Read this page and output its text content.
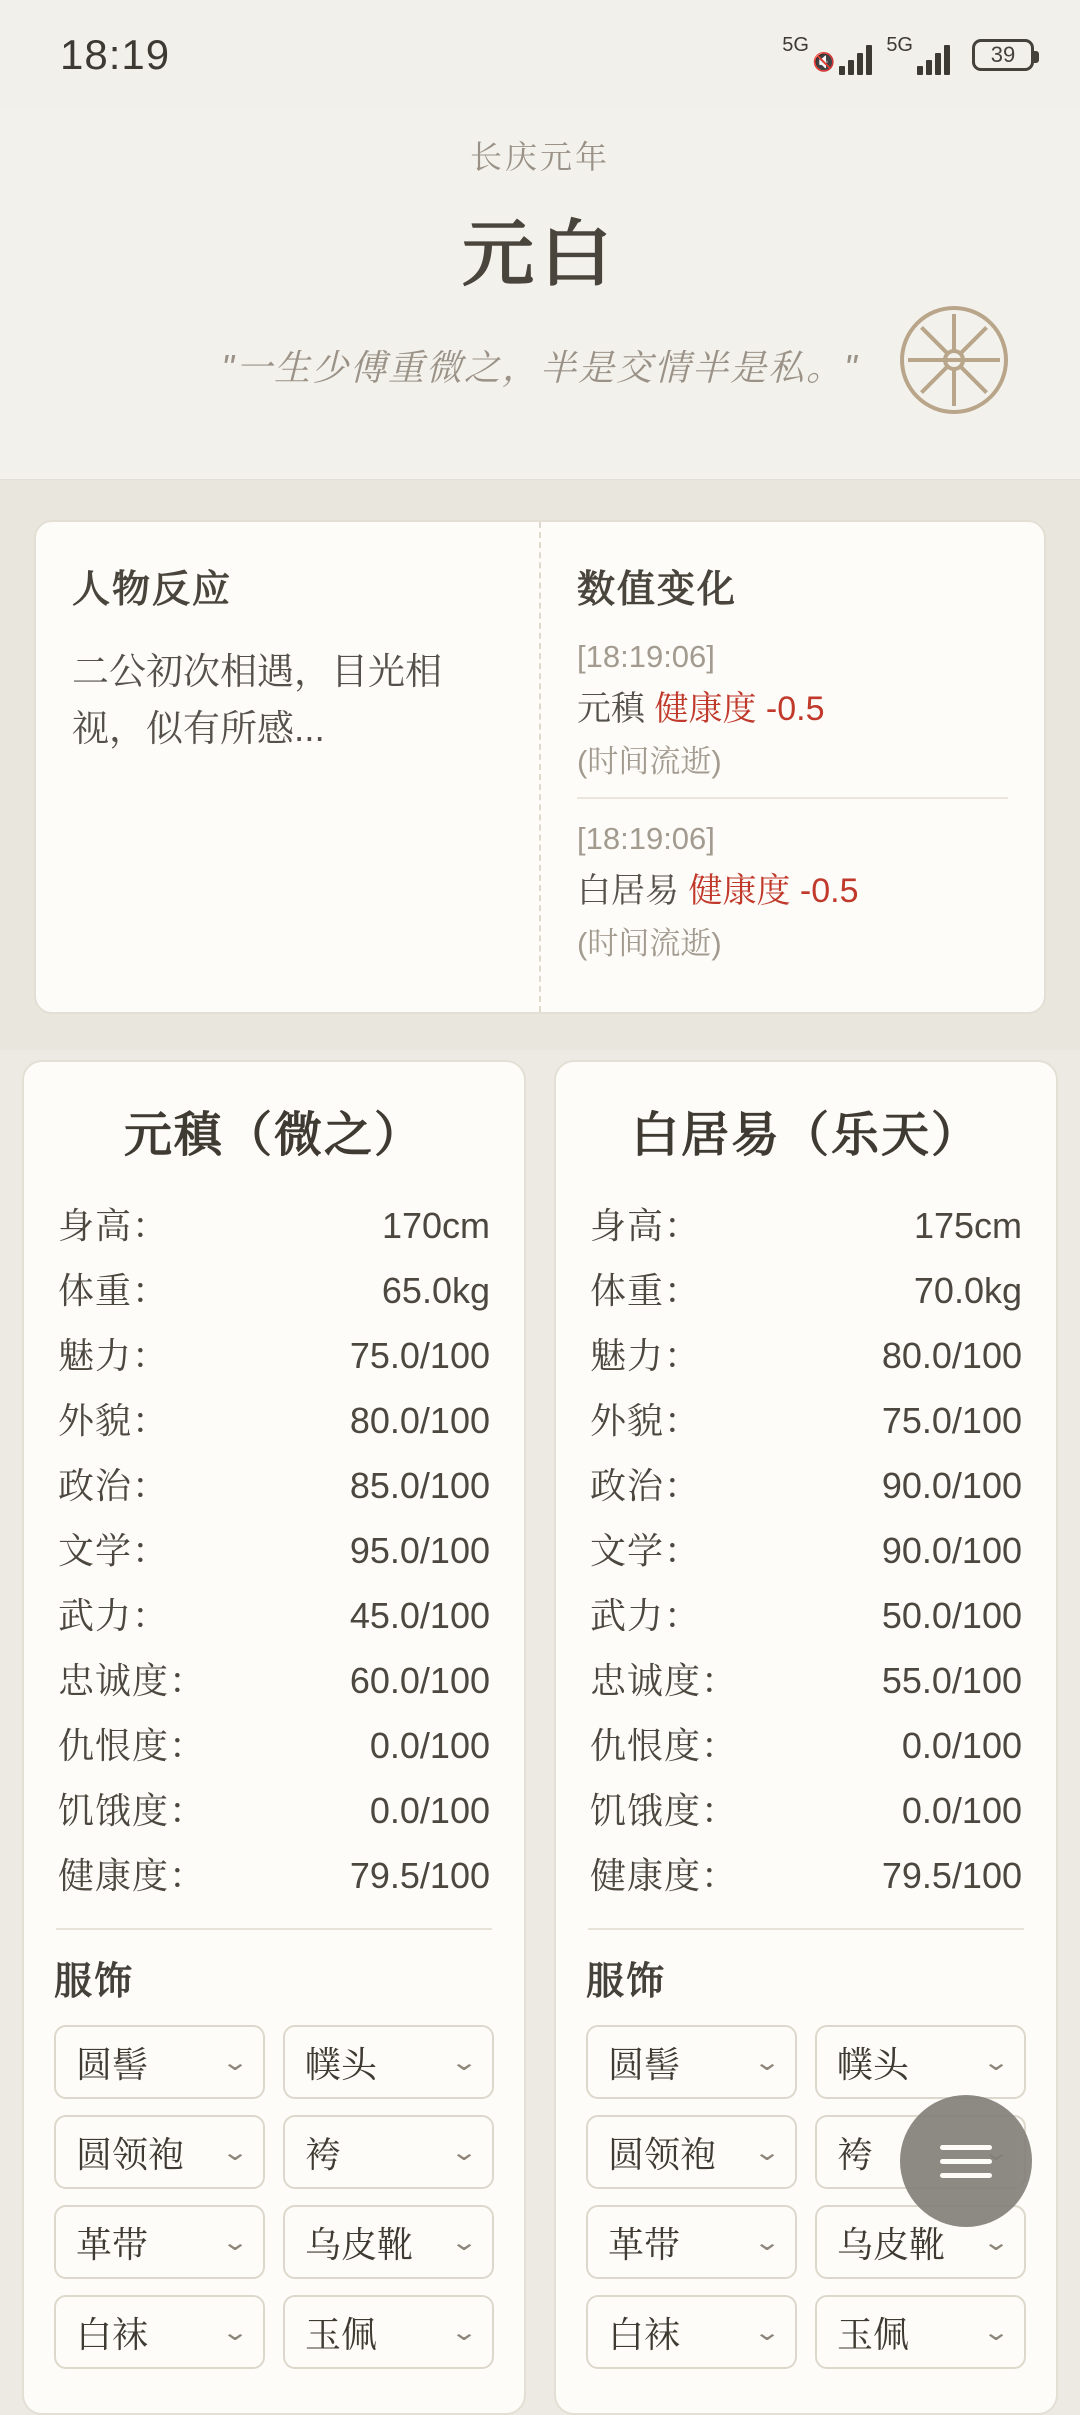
18:19	5G
🔇
5G	39
长庆元年
元白
"一生少傅重微之，半是交情半是私。"
人物反应
二公初次相遇，目光相视，似有所感...
数值变化
[18:19:06]
元稹 健康度 -0.5
(时间流逝)
[18:19:06]
白居易 健康度 -0.5
(时间流逝)
元稹（微之）
身高：	170cm
体重：	65.0kg
魅力：	75.0/100
外貌：	80.0/100
政治：	85.0/100
文学：	95.0/100
武力：	45.0/100
忠诚度：	60.0/100
仇恨度：	0.0/100
饥饿度：	0.0/100
健康度：	79.5/100
服饰
圆髻	⌄ 幞头	⌄
圆领袍 ⌄ 袴	⌄
革带	⌄ 乌皮靴 ⌄
白袜	⌄ 玉佩	⌄
白居易（乐天）
身高：	175cm
体重：	70.0kg
魅力：	80.0/100
外貌：	75.0/100
政治：	90.0/100
文学：	90.0/100
武力：	50.0/100
忠诚度：	55.0/100
仇恨度：	0.0/100
饥饿度：	0.0/100
健康度：	79.5/100
服饰
圆髻	⌄ 幞头	⌄
圆领袍 ⌄ 袴
革带	⌄ 乌皮靴 ⌄
白袜	⌄ 玉佩	⌄
